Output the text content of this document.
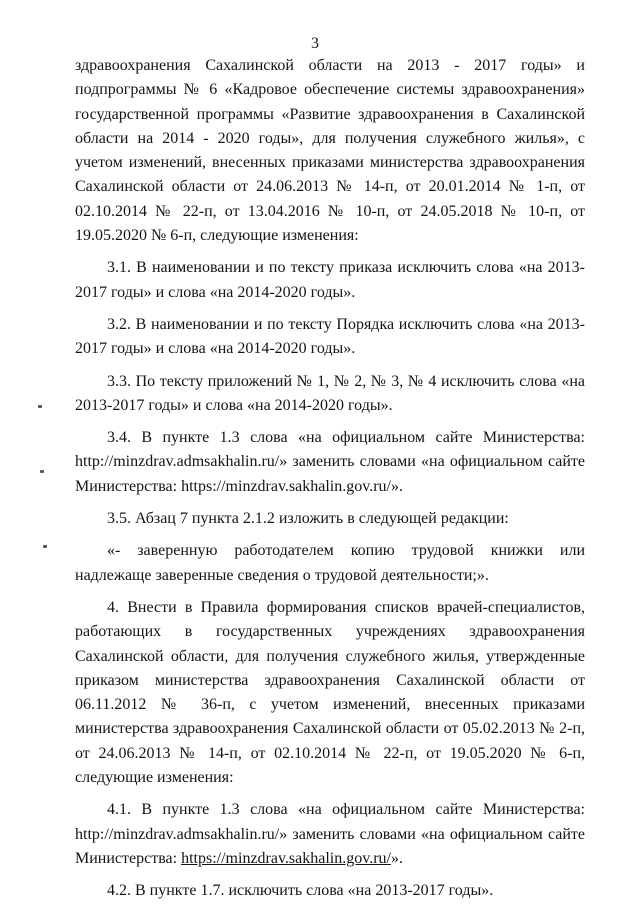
3

здравоохранения Сахалинской области на 2013 - 2017 годы» и подпрограммы № 6 «Кадровое обеспечение системы здравоохранения» государственной программы «Развитие здравоохранения в Сахалинской области на 2014 - 2020 годы», для получения служебного жилья», с учетом изменений, внесенных приказами министерства здравоохранения Сахалинской области от 24.06.2013 № 14-п, от 20.01.2014 № 1-п, от 02.10.2014 № 22-п, от 13.04.2016 № 10-п, от 24.05.2018 № 10-п, от 19.05.2020 № 6-п, следующие изменения:

3.1. В наименовании и по тексту приказа исключить слова «на 2013-2017 годы» и слова «на 2014-2020 годы».

3.2. В наименовании и по тексту Порядка исключить слова «на 2013-2017 годы» и слова «на 2014-2020 годы».

3.3. По тексту приложений № 1, № 2, № 3, № 4 исключить слова «на 2013-2017 годы» и слова «на 2014-2020 годы».

3.4. В пункте 1.3 слова «на официальном сайте Министерства: http://minzdrav.admsakhalin.ru/» заменить словами «на официальном сайте Министерства: https://minzdrav.sakhalin.gov.ru/».

3.5. Абзац 7 пункта 2.1.2 изложить в следующей редакции:

«- заверенную работодателем копию трудовой книжки или надлежаще заверенные сведения о трудовой деятельности;».

4. Внести в Правила формирования списков врачей-специалистов, работающих в государственных учреждениях здравоохранения Сахалинской области, для получения служебного жилья, утвержденные приказом министерства здравоохранения Сахалинской области от 06.11.2012 № 36-п, с учетом изменений, внесенных приказами министерства здравоохранения Сахалинской области от 05.02.2013 № 2-п, от 24.06.2013 № 14-п, от 02.10.2014 № 22-п, от 19.05.2020 № 6-п, следующие изменения:

4.1. В пункте 1.3 слова «на официальном сайте Министерства: http://minzdrav.admsakhalin.ru/» заменить словами «на официальном сайте Министерства: https://minzdrav.sakhalin.gov.ru/».

4.2. В пункте 1.7. исключить слова «на 2013-2017 годы».
